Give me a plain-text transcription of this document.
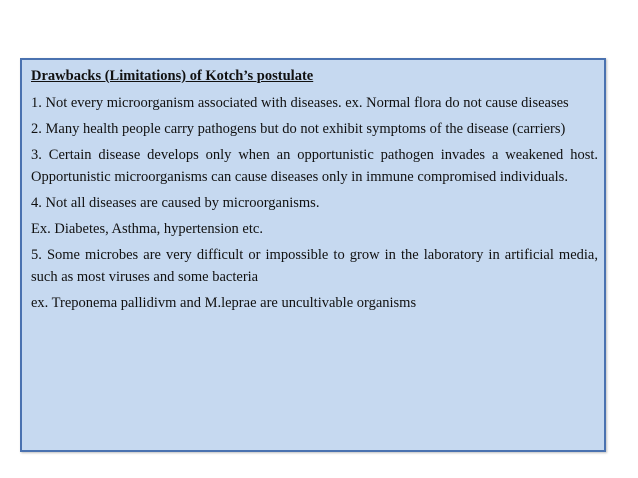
Drawbacks (Limitations) of Kotch’s postulate
1. Not every microorganism associated with diseases. ex. Normal flora do not cause diseases
2. Many health people carry pathogens but do not exhibit symptoms of the disease (carriers)
3. Certain disease develops only when an opportunistic pathogen invades a weakened host. Opportunistic microorganisms can cause diseases only in immune compromised individuals.
4. Not all diseases are caused by microorganisms.
Ex. Diabetes, Asthma, hypertension etc.
5. Some microbes are very difficult or impossible to grow in the laboratory in artificial media, such as most viruses and some bacteria
ex. Treponema pallidivm and M.leprae are uncultivable organisms
